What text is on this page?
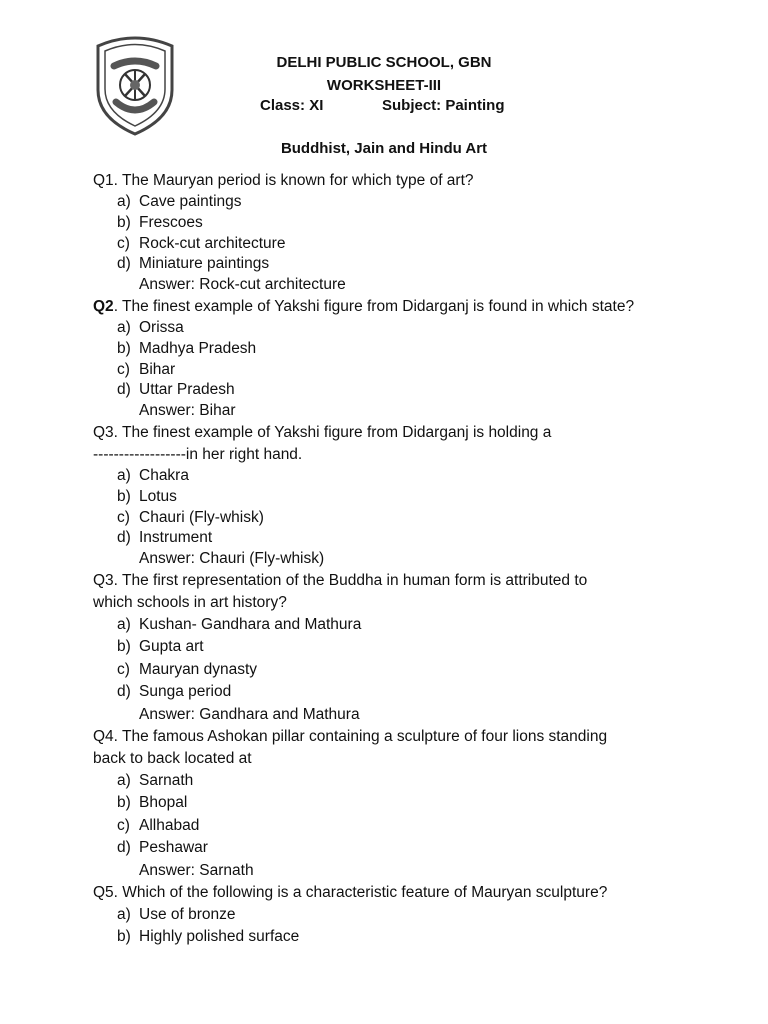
DELHI PUBLIC SCHOOL, GBN
WORKSHEET-III
Class: XI	Subject: Painting
Buddhist, Jain and Hindu Art

Q1. The Mauryan period is known for which type of art?

a) Cave paintings
b) Frescoes
c) Rock-cut architecture
d) Miniature paintings

Answer: Rock-cut architecture

Q2. The finest example of Yakshi figure from Didarganj is found in which state?

a) Orissa
b) Madhya Pradesh
c) Bihar
d) Uttar Pradesh

Answer: Bihar

Q3. The finest example of Yakshi figure from Didarganj is holding a

------------------in her right hand.

a) Chakra
b) Lotus
c) Chauri (Fly-whisk)
d) Instrument

Answer: Chauri (Fly-whisk)

Q3. The first representation of the Buddha in human form is attributed to

which schools in art history?

a) Kushan- Gandhara and Mathura
b) Gupta art
c) Mauryan dynasty
d) Sunga period

Answer: Gandhara and Mathura

Q4. The famous Ashokan pillar containing a sculpture of four lions standing

back to back located at

a) Sarnath
b) Bhopal
c) Allhabad
d) Peshawar

Answer: Sarnath

Q5. Which of the following is a characteristic feature of Mauryan sculpture?

a) Use of bronze
b) Highly polished surface
